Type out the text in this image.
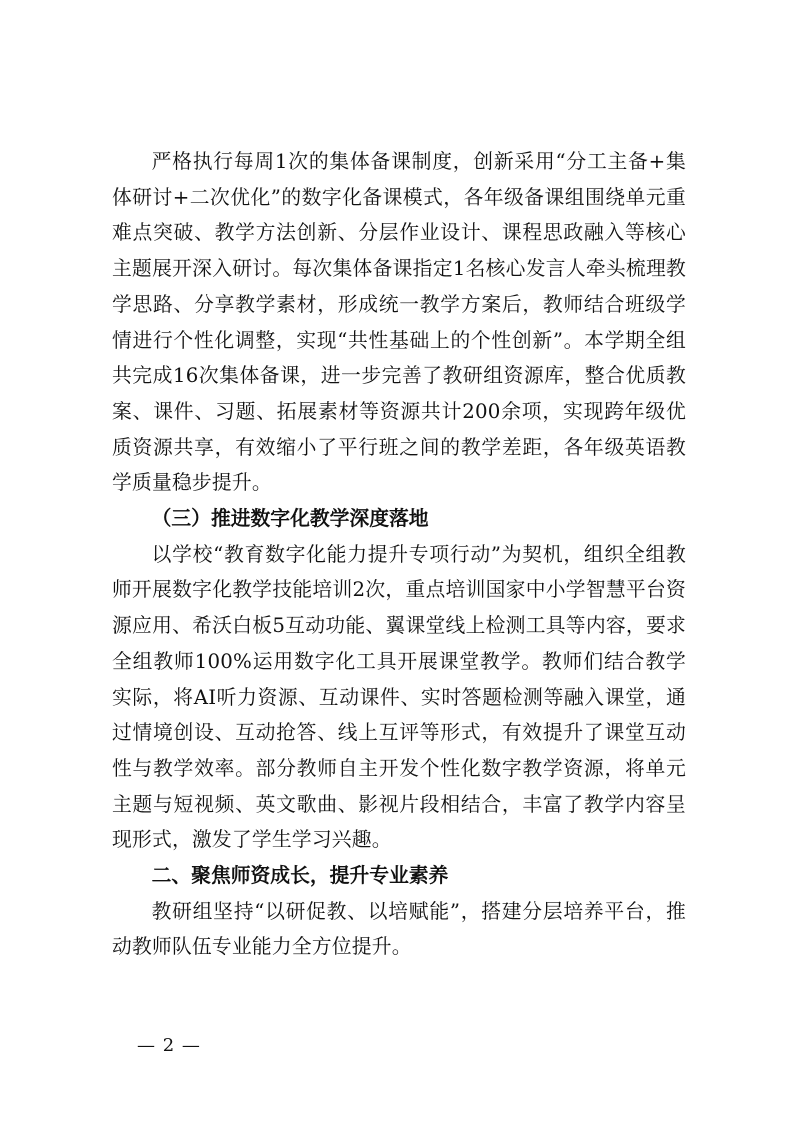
严格执行每周1次的集体备课制度，创新采用“分工主备+集体研讨+二次优化”的数字化备课模式，各年级备课组围绕单元重难点突破、教学方法创新、分层作业设计、课程思政融入等核心主题展开深入研讨。每次集体备课指定1名核心发言人牵头梳理教学思路、分享教学素材，形成统一教学方案后，教师结合班级学情进行个性化调整，实现“共性基础上的个性创新”。本学期全组共完成16次集体备课，进一步完善了教研组资源库，整合优质教案、课件、习题、拓展素材等资源共计200余项，实现跨年级优质资源共享，有效缩小了平行班之间的教学差距，各年级英语教学质量稳步提升。

（三）推进数字化教学深度落地

以学校“教育数字化能力提升专项行动”为契机，组织全组教师开展数字化教学技能培训2次，重点培训国家中小学智慧平台资源应用、希沃白板5互动功能、翼课堂线上检测工具等内容，要求全组教师100%运用数字化工具开展课堂教学。教师们结合教学实际，将AI听力资源、互动课件、实时答题检测等融入课堂，通过情境创设、互动抢答、线上互评等形式，有效提升了课堂互动性与教学效率。部分教师自主开发个性化数字教学资源，将单元主题与短视频、英文歌曲、影视片段相结合，丰富了教学内容呈现形式，激发了学生学习兴趣。

二、聚焦师资成长，提升专业素养

教研组坚持“以研促教、以培赋能”，搭建分层培养平台，推动教师队伍专业能力全方位提升。

— 2 —
